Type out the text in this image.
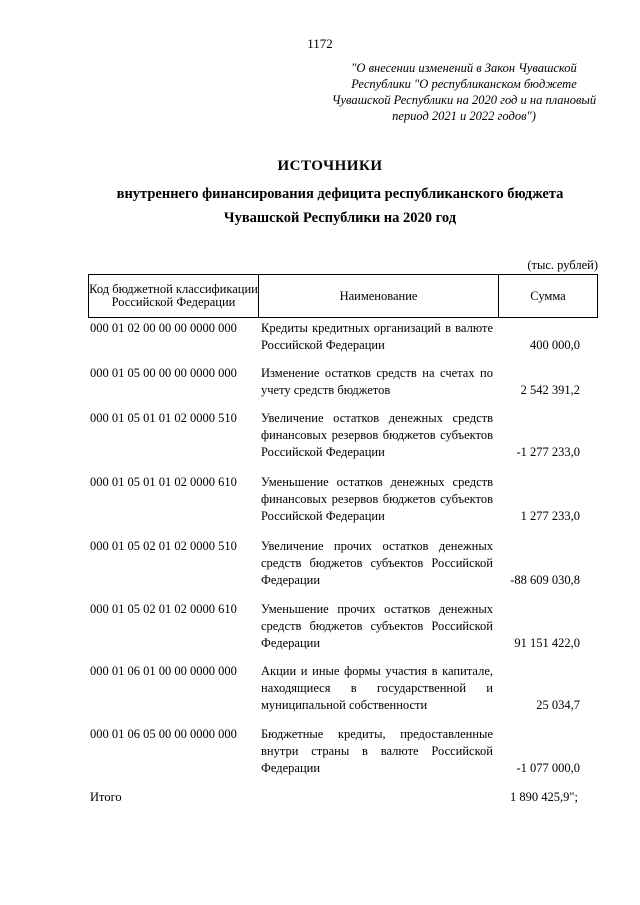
1172
"О внесении изменений в Закон Чувашской Республики "О республиканском бюджете Чувашской Республики на 2020 год и на плановый период 2021 и 2022 годов")
ИСТОЧНИКИ
внутреннего финансирования дефицита республиканского бюджета
Чувашской Республики на 2020 год
(тыс. рублей)
Код бюджетной классификации Российской Федерации	Наименование	Сумма
000 01 02 00 00 00 0000 000	Кредиты кредитных организаций в валюте Российской Федерации	400 000,0
000 01 05 00 00 00 0000 000	Изменение остатков средств на счетах по учету средств бюджетов	2 542 391,2
000 01 05 01 01 02 0000 510	Увеличение остатков денежных средств финансовых резервов бюджетов субъектов Российской Федерации	-1 277 233,0
000 01 05 01 01 02 0000 610	Уменьшение остатков денежных средств финансовых резервов бюджетов субъектов Российской Федерации	1 277 233,0
000 01 05 02 01 02 0000 510	Увеличение прочих остатков денежных средств бюджетов субъектов Российской Федерации	-88 609 030,8
000 01 05 02 01 02 0000 610	Уменьшение прочих остатков денежных средств бюджетов субъектов Российской Федерации	91 151 422,0
000 01 06 01 00 00 0000 000	Акции и иные формы участия в капитале, находящиеся в государственной и муниципальной собственности	25 034,7
000 01 06 05 00 00 0000 000	Бюджетные кредиты, предоставленные внутри страны в валюте Российской Федерации	-1 077 000,0
Итого	1 890 425,9";
